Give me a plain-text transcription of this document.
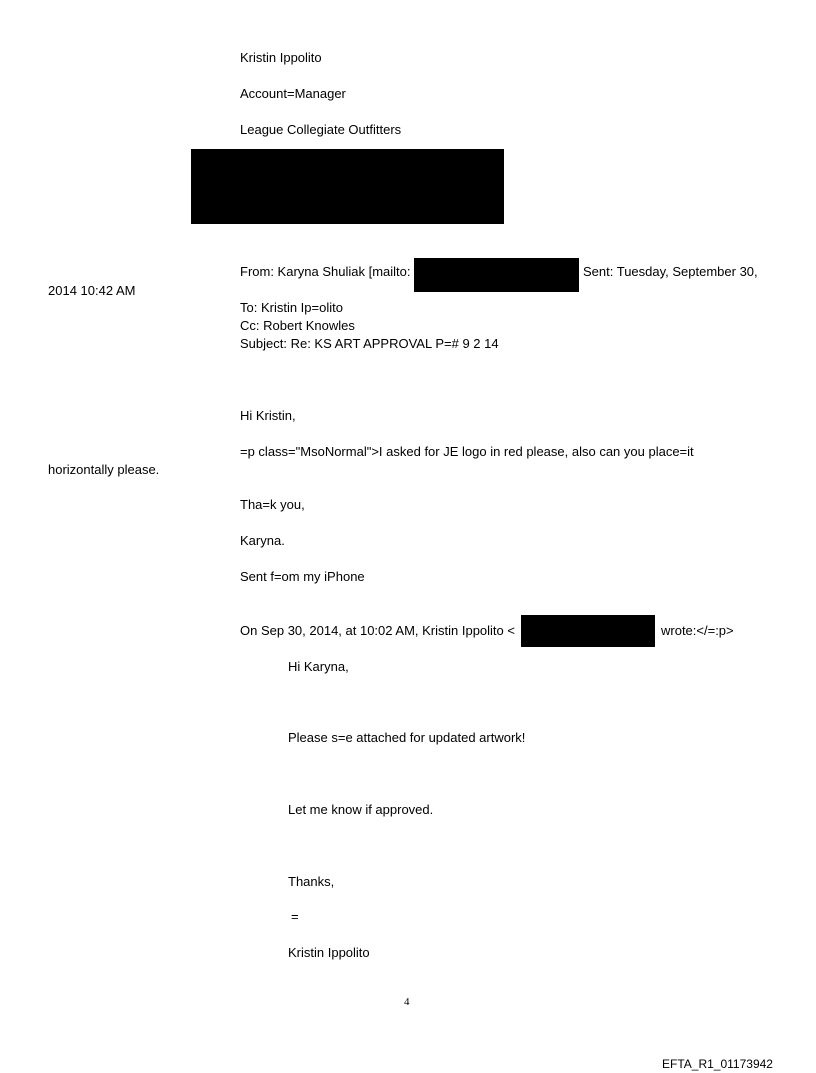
Kristin Ippolito
Account=Manager
League Collegiate Outfitters
From: Karyna Shuliak [mailto:	Sent: Tuesday, September 30,
2014 10:42 AM
To: Kristin Ip=olito
Cc: Robert Knowles
Subject: Re: KS ART APPROVAL P=# 9 2 14
Hi Kristin,
=p class="MsoNormal">I asked for JE logo in red please, also can you place=it
horizontally please.
Tha=k you,
Karyna.
Sent f=om my iPhone
On Sep 30, 2014, at 10:02 AM, Kristin Ippolito <	wrote:</=:p>
Hi Karyna,
Please s=e attached for updated artwork!
Let me know if approved.
Thanks,
=
Kristin Ippolito
4
EFTA_R1_01173942
